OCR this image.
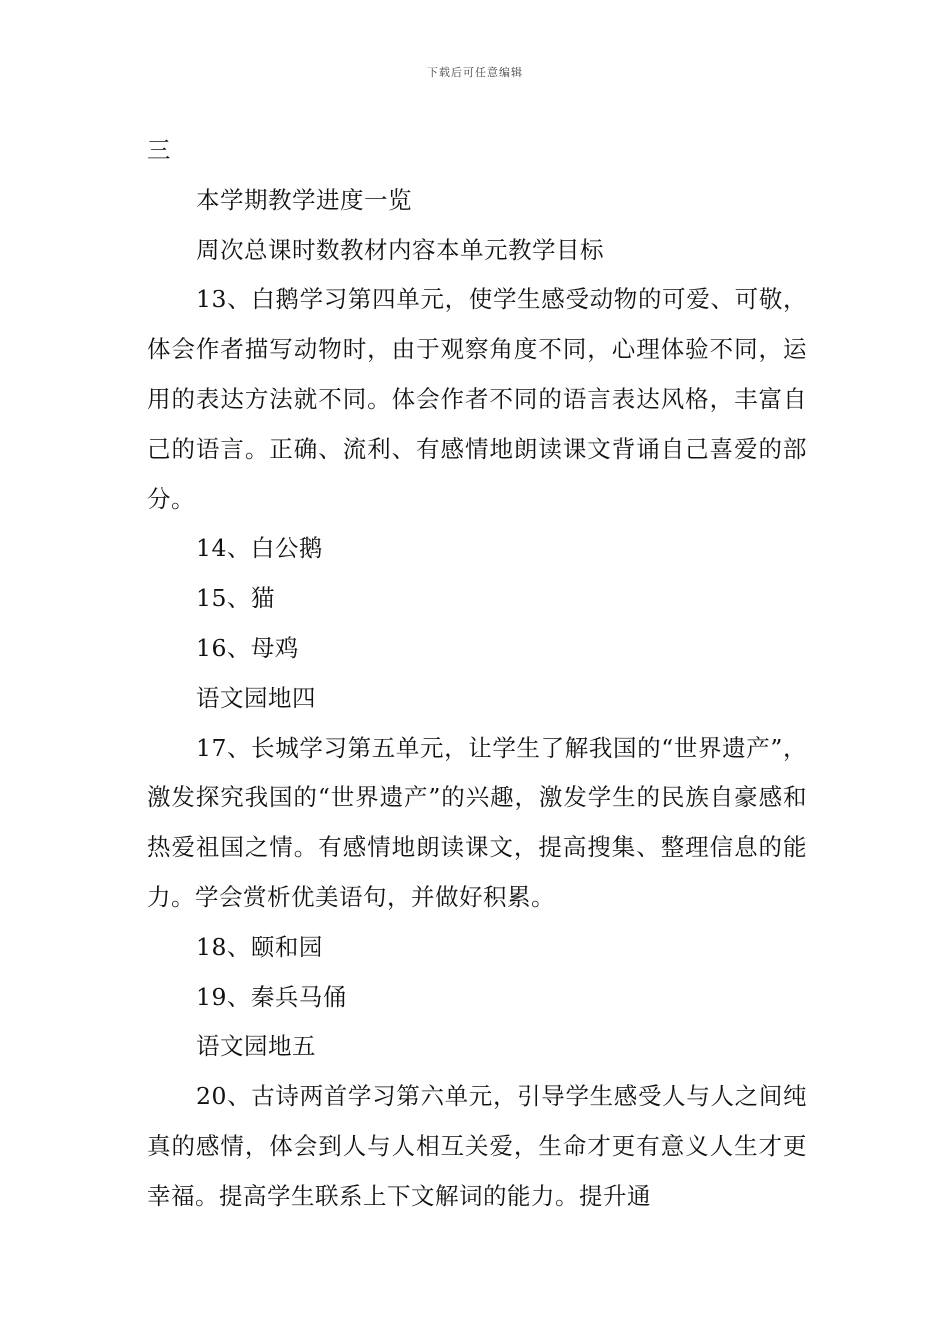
下载后可任意编辑

三

本学期教学进度一览

周次总课时数教材内容本单元教学目标

13、白鹅学习第四单元，使学生感受动物的可爱、可敬，体会作者描写动物时，由于观察角度不同，心理体验不同，运用的表达方法就不同。体会作者不同的语言表达风格，丰富自己的语言。正确、流利、有感情地朗读课文背诵自己喜爱的部分。

14、白公鹅

15、猫

16、母鸡

语文园地四

17、长城学习第五单元，让学生了解我国的“世界遗产”，激发探究我国的“世界遗产”的兴趣，激发学生的民族自豪感和热爱祖国之情。有感情地朗读课文，提高搜集、整理信息的能力。学会赏析优美语句，并做好积累。

18、颐和园

19、秦兵马俑

语文园地五

20、古诗两首学习第六单元，引导学生感受人与人之间纯真的感情，体会到人与人相互关爱，生命才更有意义人生才更幸福。提高学生联系上下文解词的能力。提升通
